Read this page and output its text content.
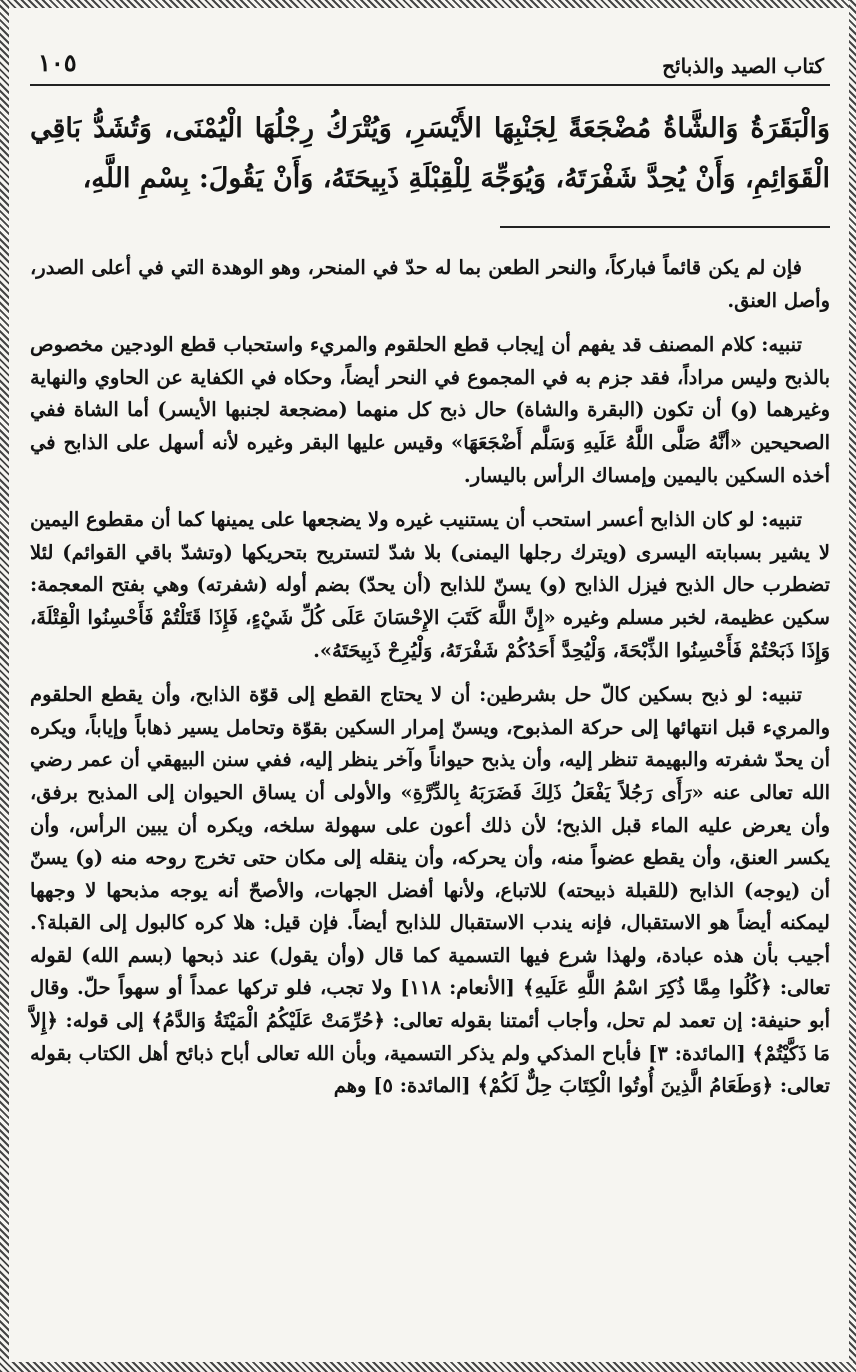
كتاب الصيد والذبائح
١٠٥
وَالْبَقَرَةُ وَالشَّاةُ مُضْجَعَةً لِجَنْبِهَا الأَيْسَرِ، وَيُتْرَكُ رِجْلُهَا الْيُمْنَى، وَتُشَدُّ بَاقِي الْقَوَائِمِ، وَأَنْ يُحِدَّ شَفْرَتَهُ، وَيُوَجِّهَ لِلْقِبْلَةِ ذَبِيحَتَهُ، وَأَنْ يَقُولَ: بِسْمِ اللَّهِ،

فإن لم يكن قائماً فباركاً، والنحر الطعن بما له حدّ في المنحر، وهو الوهدة التي في أعلى الصدر، وأصل العنق.

تنبيه: كلام المصنف قد يفهم أن إيجاب قطع الحلقوم والمريء واستحباب قطع الودجين مخصوص بالذبح وليس مراداً، فقد جزم به في المجموع في النحر أيضاً، وحكاه في الكفاية عن الحاوي والنهاية وغيرهما (و) أن تكون (البقرة والشاة) حال ذبح كل منهما (مضجعة لجنبها الأيسر) أما الشاة ففي الصحيحين «أنَّهُ صَلَّى اللَّهُ عَلَيهِ وَسَلَّم أَضْجَعَهَا» وقيس عليها البقر وغيره لأنه أسهل على الذابح في أخذه السكين باليمين وإمساك الرأس باليسار.

تنبيه: لو كان الذابح أعسر استحب أن يستنيب غيره ولا يضجعها على يمينها كما أن مقطوع اليمين لا يشير بسبابته اليسرى (ويترك رجلها اليمنى) بلا شدّ لتستريح بتحريكها (وتشدّ باقي القوائم) لئلا تضطرب حال الذبح فيزل الذابح (و) يسنّ للذابح (أن يحدّ) بضم أوله (شفرته) وهي بفتح المعجمة: سكين عظيمة، لخبر مسلم وغيره «إِنَّ اللَّهَ كَتَبَ الإِحْسَانَ عَلَى كُلِّ شَيْءٍ، فَإِذَا قَتَلْتُمْ فَأَحْسِنُوا الْقِتْلَةَ، وَإِذَا ذَبَحْتُمْ فَأَحْسِنُوا الذِّبْحَةَ، وَلْيُحِدَّ أَحَدُكُمْ شَفْرَتَهُ، وَلْيُرِحْ ذَبِيحَتَهُ».

تنبيه: لو ذبح بسكين كالّ حل بشرطين: أن لا يحتاج القطع إلى قوّة الذابح، وأن يقطع الحلقوم والمريء قبل انتهائها إلى حركة المذبوح، ويسنّ إمرار السكين بقوّة وتحامل يسير ذهاباً وإياباً، ويكره أن يحدّ شفرته والبهيمة تنظر إليه، وأن يذبح حيواناً وآخر ينظر إليه، ففي سنن البيهقي أن عمر رضي الله تعالى عنه «رَأَى رَجُلاً يَفْعَلُ ذَلِكَ فَضَرَبَهُ بِالدِّرَّةِ» والأولى أن يساق الحيوان إلى المذبح برفق، وأن يعرض عليه الماء قبل الذبح؛ لأن ذلك أعون على سهولة سلخه، ويكره أن يبين الرأس، وأن يكسر العنق، وأن يقطع عضواً منه، وأن يحركه، وأن ينقله إلى مكان حتى تخرج روحه منه (و) يسنّ أن (يوجه) الذابح (للقبلة ذبيحته) للاتباع، ولأنها أفضل الجهات، والأصحّ أنه يوجه مذبحها لا وجهها ليمكنه أيضاً هو الاستقبال، فإنه يندب الاستقبال للذابح أيضاً. فإن قيل: هلا كره كالبول إلى القبلة؟. أجيب بأن هذه عبادة، ولهذا شرع فيها التسمية كما قال (وأن يقول) عند ذبحها (بسم الله) لقوله تعالى: ﴿كُلُوا مِمَّا ذُكِرَ اسْمُ اللَّهِ عَلَيهِ﴾ [الأنعام: ١١٨] ولا تجب، فلو تركها عمداً أو سهواً حلّ. وقال أبو حنيفة: إن تعمد لم تحل، وأجاب أئمتنا بقوله تعالى: ﴿حُرِّمَتْ عَلَيْكُمُ الْمَيْتَةُ وَالدَّمُ﴾ إلى قوله: ﴿إِلاَّ مَا ذَكَّيْتُمْ﴾ [المائدة: ٣] فأباح المذكي ولم يذكر التسمية، وبأن الله تعالى أباح ذبائح أهل الكتاب بقوله تعالى: ﴿وَطَعَامُ الَّذِينَ أُوتُوا الْكِتَابَ حِلٌّ لَكُمْ﴾ [المائدة: ٥] وهم
